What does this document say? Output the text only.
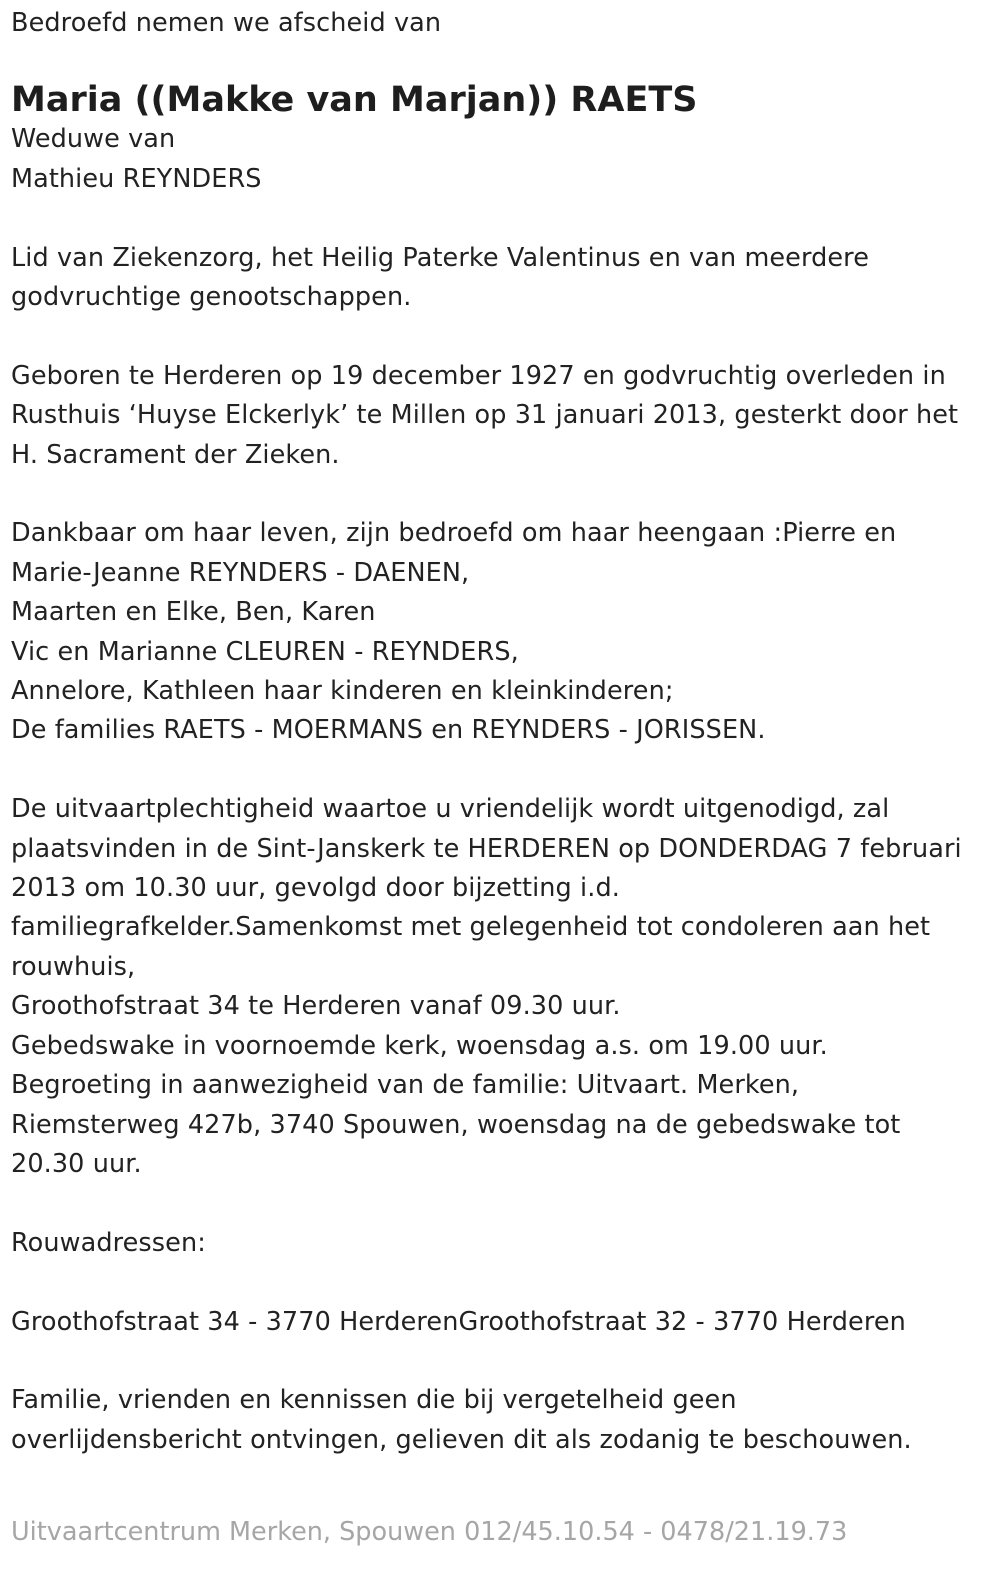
Bedroefd nemen we afscheid van

Maria ((Makke van Marjan)) RAETS

Weduwe van

Mathieu REYNDERS

Lid van Ziekenzorg, het Heilig Paterke Valentinus en van meerdere

godvruchtige genootschappen.

Geboren te Herderen op 19 december 1927 en godvruchtig overleden in

Rusthuis ‘Huyse Elckerlyk’ te Millen op 31 januari 2013, gesterkt door het

H. Sacrament der Zieken.

Dankbaar om haar leven, zijn bedroefd om haar heengaan :Pierre en

Marie-Jeanne REYNDERS - DAENEN,

Maarten en Elke, Ben, Karen

Vic en Marianne CLEUREN - REYNDERS,

Annelore, Kathleen haar kinderen en kleinkinderen;

De families RAETS - MOERMANS en REYNDERS - JORISSEN.

De uitvaartplechtigheid waartoe u vriendelijk wordt uitgenodigd, zal

plaatsvinden in de Sint-Janskerk te HERDEREN op DONDERDAG 7 februari

2013 om 10.30 uur, gevolgd door bijzetting i.d.

familiegrafkelder.Samenkomst met gelegenheid tot condoleren aan het

rouwhuis,

Groothofstraat 34 te Herderen vanaf 09.30 uur.

Gebedswake in voornoemde kerk, woensdag a.s. om 19.00 uur.

Begroeting in aanwezigheid van de familie: Uitvaart. Merken,

Riemsterweg 427b, 3740 Spouwen, woensdag na de gebedswake tot

20.30 uur.

Rouwadressen:

Groothofstraat 34 - 3770 HerderenGroothofstraat 32 - 3770 Herderen

Familie, vrienden en kennissen die bij vergetelheid geen

overlijdensbericht ontvingen, gelieven dit als zodanig te beschouwen.

Uitvaartcentrum Merken, Spouwen 012/45.10.54 - 0478/21.19.73
